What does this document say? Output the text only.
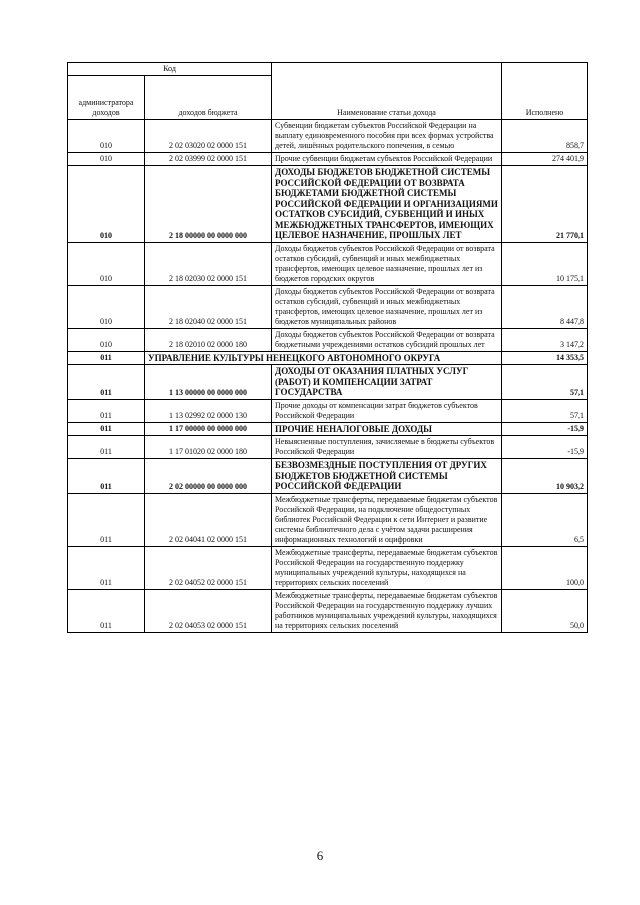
Код		Наименование статьи дохода	Исполнено
администратора доходов	доходов бюджета		
010	2 02 03020 02 0000 151	Субвенции бюджетам субъектов Российской Федерации на выплату единовременного пособия при всех формах устройства детей, лишённых родительского попечения, в семью	858,7
010	2 02 03999 02 0000 151	Прочие субвенции бюджетам субъектов Российской Федерации	274 401,9
010	2 18 00000 00 0000 000	ДОХОДЫ БЮДЖЕТОВ БЮДЖЕТНОЙ СИСТЕМЫ РОССИЙСКОЙ ФЕДЕРАЦИИ ОТ ВОЗВРАТА БЮДЖЕТАМИ БЮДЖЕТНОЙ СИСТЕМЫ РОССИЙСКОЙ ФЕДЕРАЦИИ И ОРГАНИЗАЦИЯМИ ОСТАТКОВ СУБСИДИЙ, СУБВЕНЦИЙ И ИНЫХ МЕЖБЮДЖЕТНЫХ ТРАНСФЕРТОВ, ИМЕЮЩИХ ЦЕЛЕВОЕ НАЗНАЧЕНИЕ, ПРОШЛЫХ ЛЕТ	21 770,1
010	2 18 02030 02 0000 151	Доходы бюджетов субъектов Российской Федерации от возврата остатков субсидий, субвенций и иных межбюджетных трансфертов, имеющих целевое назначение, прошлых лет из бюджетов городских округов	10 175,1
010	2 18 02040 02 0000 151	Доходы бюджетов субъектов Российской Федерации от возврата остатков субсидий, субвенций и иных межбюджетных трансфертов, имеющих целевое назначение, прошлых лет из бюджетов муниципальных районов	8 447,8
010	2 18 02010 02 0000 180	Доходы бюджетов субъектов Российской Федерации от возврата бюджетными учреждениями остатков субсидий прошлых лет	3 147,2
011	УПРАВЛЕНИЕ КУЛЬТУРЫ НЕНЕЦКОГО АВТОНОМНОГО ОКРУГА		14 353,5
011	1 13 00000 00 0000 000	ДОХОДЫ ОТ ОКАЗАНИЯ ПЛАТНЫХ УСЛУГ (РАБОТ) И КОМПЕНСАЦИИ ЗАТРАТ ГОСУДАРСТВА	57,1
011	1 13 02992 02 0000 130	Прочие доходы от компенсации затрат бюджетов субъектов Российской Федерации	57,1
011	1 17 00000 00 0000 000	ПРОЧИЕ НЕНАЛОГОВЫЕ ДОХОДЫ	-15,9
011	1 17 01020 02 0000 180	Невыясненные поступления, зачисляемые в бюджеты субъектов Российской Федерации	-15,9
011	2 02 00000 00 0000 000	БЕЗВОЗМЕЗДНЫЕ ПОСТУПЛЕНИЯ ОТ ДРУГИХ БЮДЖЕТОВ БЮДЖЕТНОЙ СИСТЕМЫ РОССИЙСКОЙ ФЕДЕРАЦИИ	10 903,2
011	2 02 04041 02 0000 151	Межбюджетные трансферты, передаваемые бюджетам субъектов Российской Федерации, на подключение общедоступных библиотек Российской Федерации к сети Интернет и развитие системы библиотечного дела с учётом задачи расширения информационных технологий и оцифровки	6,5
011	2 02 04052 02 0000 151	Межбюджетные трансферты, передаваемые бюджетам субъектов Российской Федерации на государственную поддержку муниципальных учреждений культуры, находящихся на территориях сельских поселений	100,0
011	2 02 04053 02 0000 151	Межбюджетные трансферты, передаваемые бюджетам субъектов Российской Федерации на государственную поддержку лучших работников муниципальных учреждений культуры, находящихся на территориях сельских поселений	50,0
6
